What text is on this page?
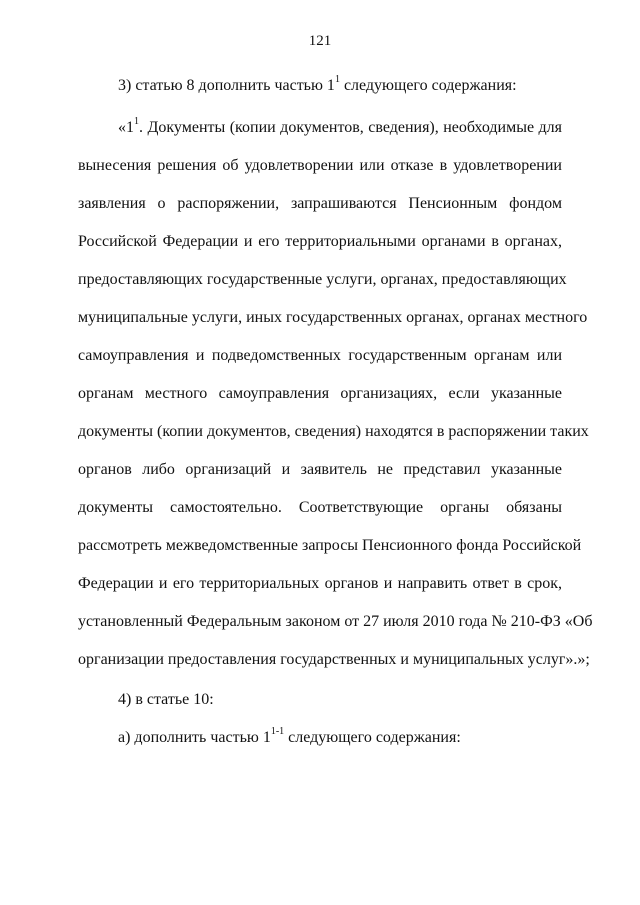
121
3) статью 8 дополнить частью $1^1$ следующего содержания:
«$1^1$. Документы (копии документов, сведения), необходимые для
вынесения решения об удовлетворении или отказе в удовлетворении
заявления о распоряжении, запрашиваются Пенсионным фондом
Российской Федерации и его территориальными органами в органах,
предоставляющих государственные услуги, органах, предоставляющих
муниципальные услуги, иных государственных органах, органах местного
самоуправления и подведомственных государственным органам или
органам местного самоуправления организациях, если указанные
документы (копии документов, сведения) находятся в распоряжении таких
органов либо организаций и заявитель не представил указанные
документы самостоятельно. Соответствующие органы обязаны
рассмотреть межведомственные запросы Пенсионного фонда Российской
Федерации и его территориальных органов и направить ответ в срок,
установленный Федеральным законом от 27 июля 2010 года № 210-ФЗ «Об
организации предоставления государственных и муниципальных услуг».»;
4) в статье 10:
а) дополнить частью 1$^{1-1}$ следующего содержания:
